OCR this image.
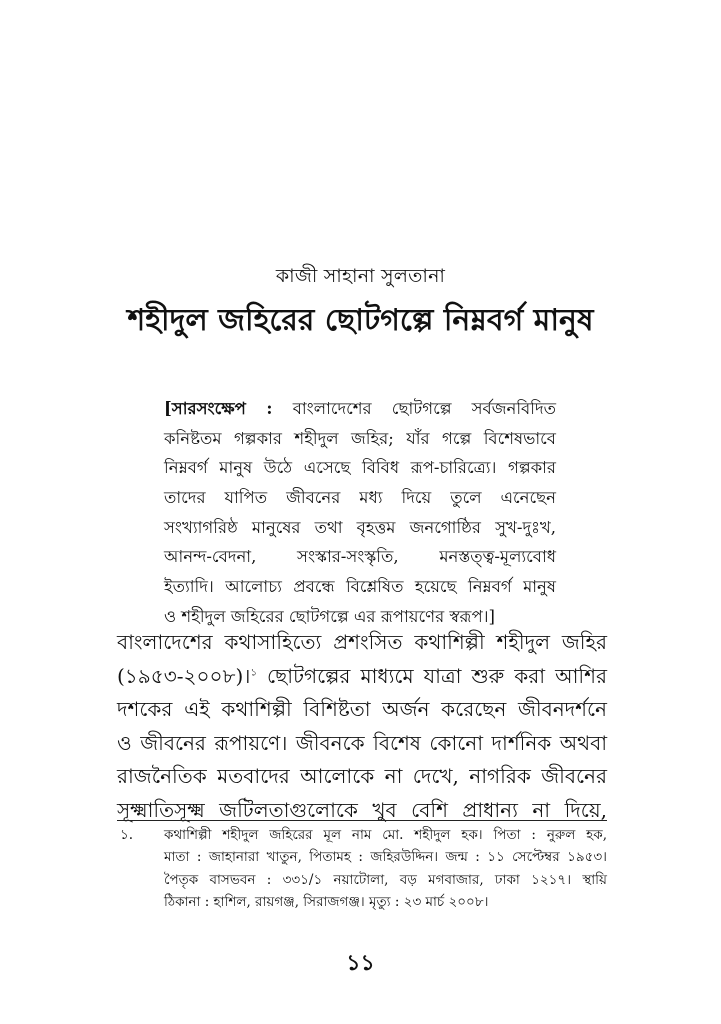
কাজী সাহানা সুলতানা
শহীদুল জহিরের ছোটগল্পে নিম্নবর্গ মানুষ
[সারসংক্ষেপ : বাংলাদেশের ছোটগল্পে সর্বজনবিদিত
কনিষ্টতম গল্পকার শহীদুল জহির; যাঁর গল্পে বিশেষভাবে
নিম্নবর্গ মানুষ উঠে এসেছে বিবিধ রূপ-চারিত্র্যে। গল্পকার
তাদের যাপিত জীবনের মধ্য দিয়ে তুলে এনেছেন
সংখ্যাগরিষ্ঠ মানুষের তথা বৃহত্তম জনগোষ্ঠির সুখ-দুঃখ,
আনন্দ-বেদনা, সংস্কার-সংস্কৃতি, মনস্তত্ত্ব-মূল্যবোধ
ইত্যাদি। আলোচ্য প্রবন্ধে বিশ্লেষিত হয়েছে নিম্নবর্গ মানুষ
ও শহীদুল জহিরের ছোটগল্পে এর রূপায়ণের স্বরূপ।]
বাংলাদেশের কথাসাহিত্যে প্রশংসিত কথাশিল্পী শহীদুল জহির
(১৯৫৩-২০০৮)।$^১$ ছোটগল্পের মাধ্যমে যাত্রা শুরু করা আশির
দশকের এই কথাশিল্পী বিশিষ্টতা অর্জন করেছেন জীবনদর্শনে
ও জীবনের রূপায়ণে। জীবনকে বিশেষ কোনো দার্শনিক অথবা
রাজনৈতিক মতবাদের আলোকে না দেখে, নাগরিক জীবনের
সূক্ষ্মাতিসূক্ষ্ম জটিলতাগুলোকে খুব বেশি প্রাধান্য না দিয়ে,
১. কথাশিল্পী শহীদুল জহিরের মূল নাম মো. শহীদুল হক। পিতা : নুরুল হক,
মাতা : জাহানারা খাতুন, পিতামহ : জহিরউদ্দিন। জন্ম : ১১ সেপ্টেম্বর ১৯৫৩।
পৈতৃক বাসভবন : ৩৩১/১ নয়াটোলা, বড় মগবাজার, ঢাকা ১২১৭। স্থায়ি
ঠিকানা : হাশিল, রায়গঞ্জ, সিরাজগঞ্জ। মৃত্যু : ২৩ মার্চ ২০০৮।
১১
